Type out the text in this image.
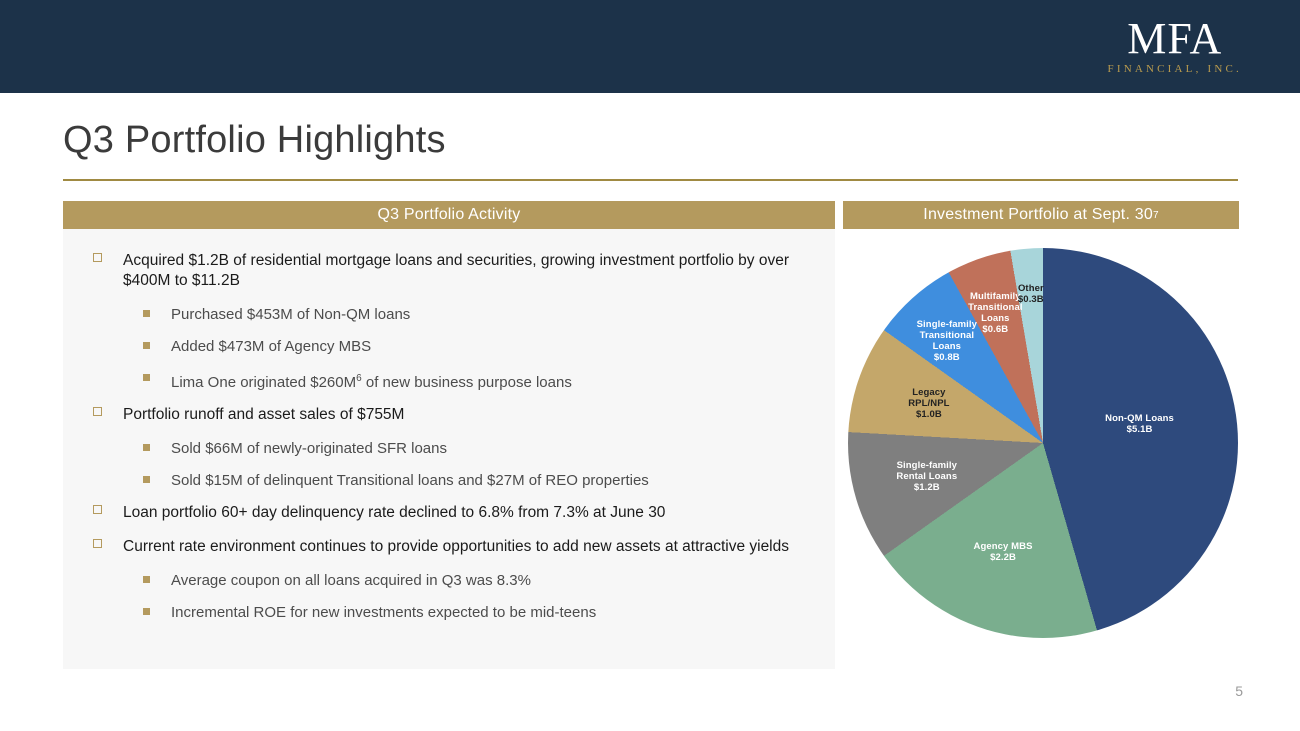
MFA
FINANCIAL, INC.
Q3 Portfolio Highlights
Q3 Portfolio Activity	Investment Portfolio at Sept. 30 7
Acquired $1.2B of residential mortgage loans and securities, growing investment portfolio by over $400M to $11.2B
Purchased $453M of Non-QM loans
Added $473M of Agency MBS
Lima One originated $\$260M^6$ of new business purpose loans
Portfolio runoff and asset sales of $755M
Sold $66M of newly-originated SFR loans
Sold $15M of delinquent Transitional loans and $27M of REO properties
Loan portfolio 60+ day delinquency rate declined to 6.8% from 7.3% at June 30
Current rate environment continues to provide opportunities to add new assets at attractive yields
Average coupon on all loans acquired in Q3 was 8.3%
Incremental ROE for new investments expected to be mid-teens
Non-QM Loans
$5.1B
Agency MBS
$2.2B
Single-family Rental Loans
$1.2B
Legacy RPL/NPL
$1.0B
Single-family Transitional Loans
$0.8B
Multifamily Transitional Loans
$0.6B
Other
$0.3B
5
